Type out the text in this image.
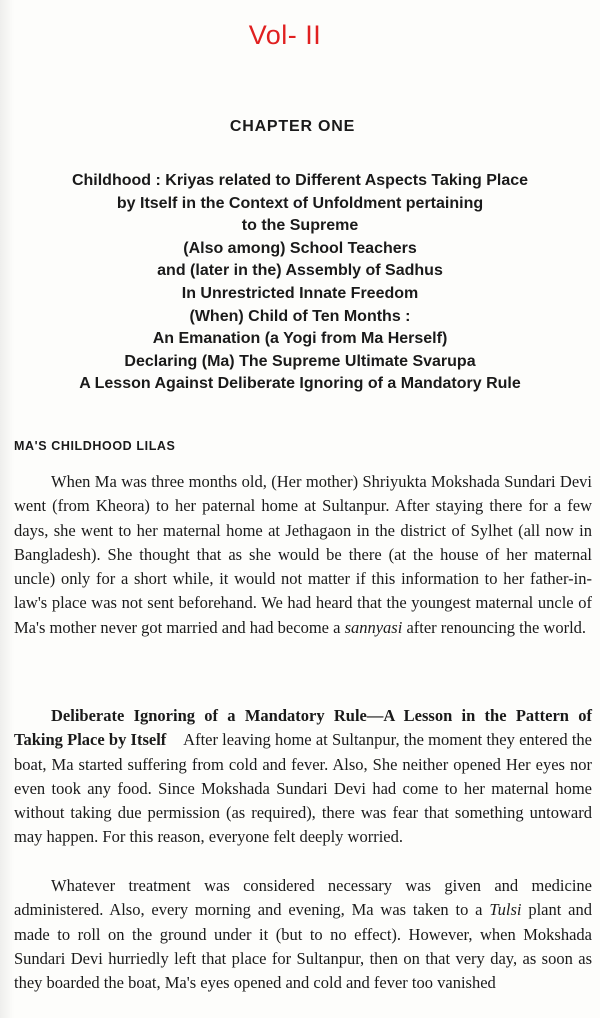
Vol- II
CHAPTER ONE
Childhood : Kriyas related to Different Aspects Taking Place
by Itself in the Context of Unfoldment pertaining
to the Supreme
(Also among) School Teachers
and (later in the) Assembly of Sadhus
In Unrestricted Innate Freedom
(When) Child of Ten Months :
An Emanation (a Yogi from Ma Herself)
Declaring (Ma) The Supreme Ultimate Svarupa
A Lesson Against Deliberate Ignoring of a Mandatory Rule
MA'S CHILDHOOD LILAS

When Ma was three months old, (Her mother) Shriyukta Mokshada Sundari Devi went (from Kheora) to her paternal home at Sultanpur. After staying there for a few days, she went to her maternal home at Jethagaon in the district of Sylhet (all now in Bangladesh). She thought that as she would be there (at the house of her maternal uncle) only for a short while, it would not matter if this information to her father-in-law's place was not sent beforehand. We had heard that the youngest maternal uncle of Ma's mother never got married and had become a sannyasi after renouncing the world.

Deliberate Ignoring of a Mandatory Rule—A Lesson in the Pattern of Taking Place by Itself After leaving home at Sultanpur, the moment they entered the boat, Ma started suffering from cold and fever. Also, She neither opened Her eyes nor even took any food. Since Mokshada Sundari Devi had come to her maternal home without taking due permission (as required), there was fear that something untoward may happen. For this reason, everyone felt deeply worried.

Whatever treatment was considered necessary was given and medicine administered. Also, every morning and evening, Ma was taken to a Tulsi plant and made to roll on the ground under it (but to no effect). However, when Mokshada Sundari Devi hurriedly left that place for Sultanpur, then on that very day, as soon as they boarded the boat, Ma's eyes opened and cold and fever too vanished
